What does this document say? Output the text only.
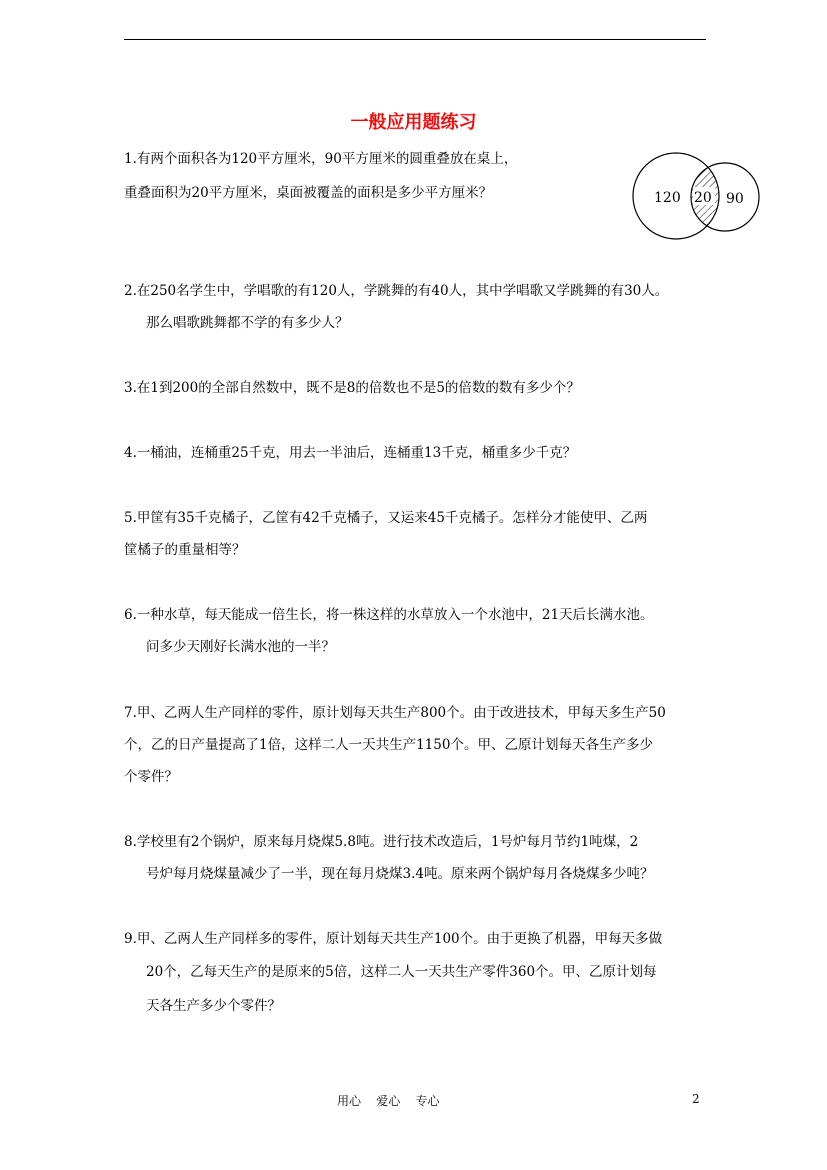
一般应用题练习
1.有两个面积各为120平方厘米，90平方厘米的圆重叠放在桌上，
重叠面积为20平方厘米，桌面被覆盖的面积是多少平方厘米？	120 20 90
2.在250名学生中，学唱歌的有120人，学跳舞的有40人，其中学唱歌又学跳舞的有30人。
那么唱歌跳舞都不学的有多少人？
3.在1到200的全部自然数中，既不是8的倍数也不是5的倍数的数有多少个？
4.一桶油，连桶重25千克，用去一半油后，连桶重13千克，桶重多少千克？
5.甲筐有35千克橘子，乙筐有42千克橘子，又运来45千克橘子。怎样分才能使甲、乙两
筐橘子的重量相等？
6.一种水草，每天能成一倍生长，将一株这样的水草放入一个水池中，21天后长满水池。
问多少天刚好长满水池的一半？
7.甲、乙两人生产同样的零件，原计划每天共生产800个。由于改进技术，甲每天多生产50
个，乙的日产量提高了1倍，这样二人一天共生产1150个。甲、乙原计划每天各生产多少
个零件？
8.学校里有2个锅炉，原来每月烧煤5.8吨。进行技术改造后，1号炉每月节约1吨煤，2
号炉每月烧煤量减少了一半，现在每月烧煤3.4吨。原来两个锅炉每月各烧煤多少吨？
9.甲、乙两人生产同样多的零件，原计划每天共生产100个。由于更换了机器，甲每天多做
20个，乙每天生产的是原来的5倍，这样二人一天共生产零件360个。甲、乙原计划每
天各生产多少个零件？
用心    爱心    专心	2
